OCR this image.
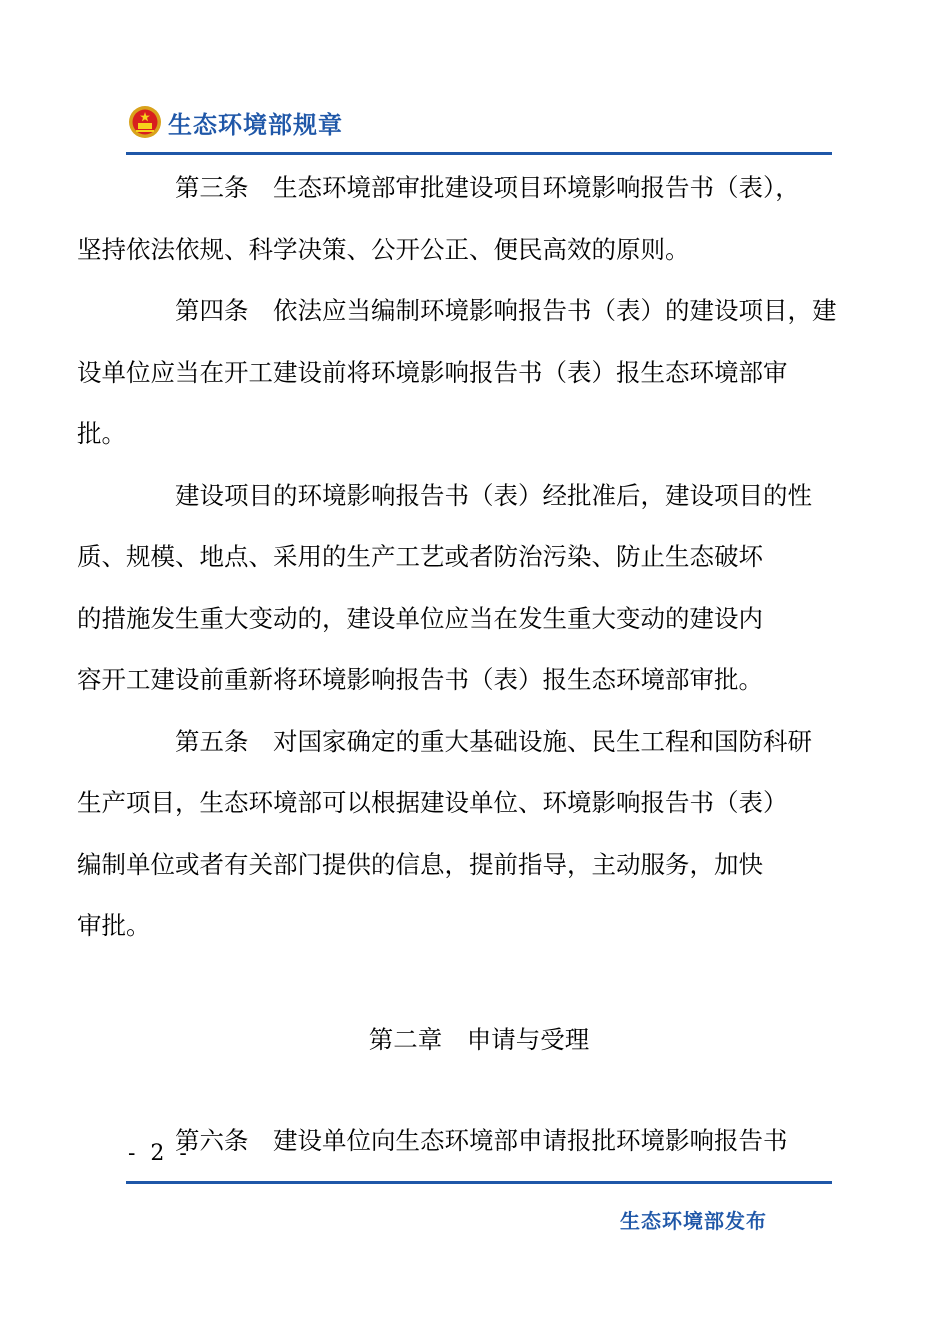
生态环境部规章

第三条　生态环境部审批建设项目环境影响报告书（表），
坚持依法依规、科学决策、公开公正、便民高效的原则。

第四条　依法应当编制环境影响报告书（表）的建设项目，建
设单位应当在开工建设前将环境影响报告书（表）报生态环境部审
批。

建设项目的环境影响报告书（表）经批准后，建设项目的性
质、规模、地点、采用的生产工艺或者防治污染、防止生态破坏
的措施发生重大变动的，建设单位应当在发生重大变动的建设内
容开工建设前重新将环境影响报告书（表）报生态环境部审批。

第五条　对国家确定的重大基础设施、民生工程和国防科研
生产项目，生态环境部可以根据建设单位、环境影响报告书（表）
编制单位或者有关部门提供的信息，提前指导，主动服务，加快
审批。

第二章　申请与受理

第六条　建设单位向生态环境部申请报批环境影响报告书

- 2 -
生态环境部发布
